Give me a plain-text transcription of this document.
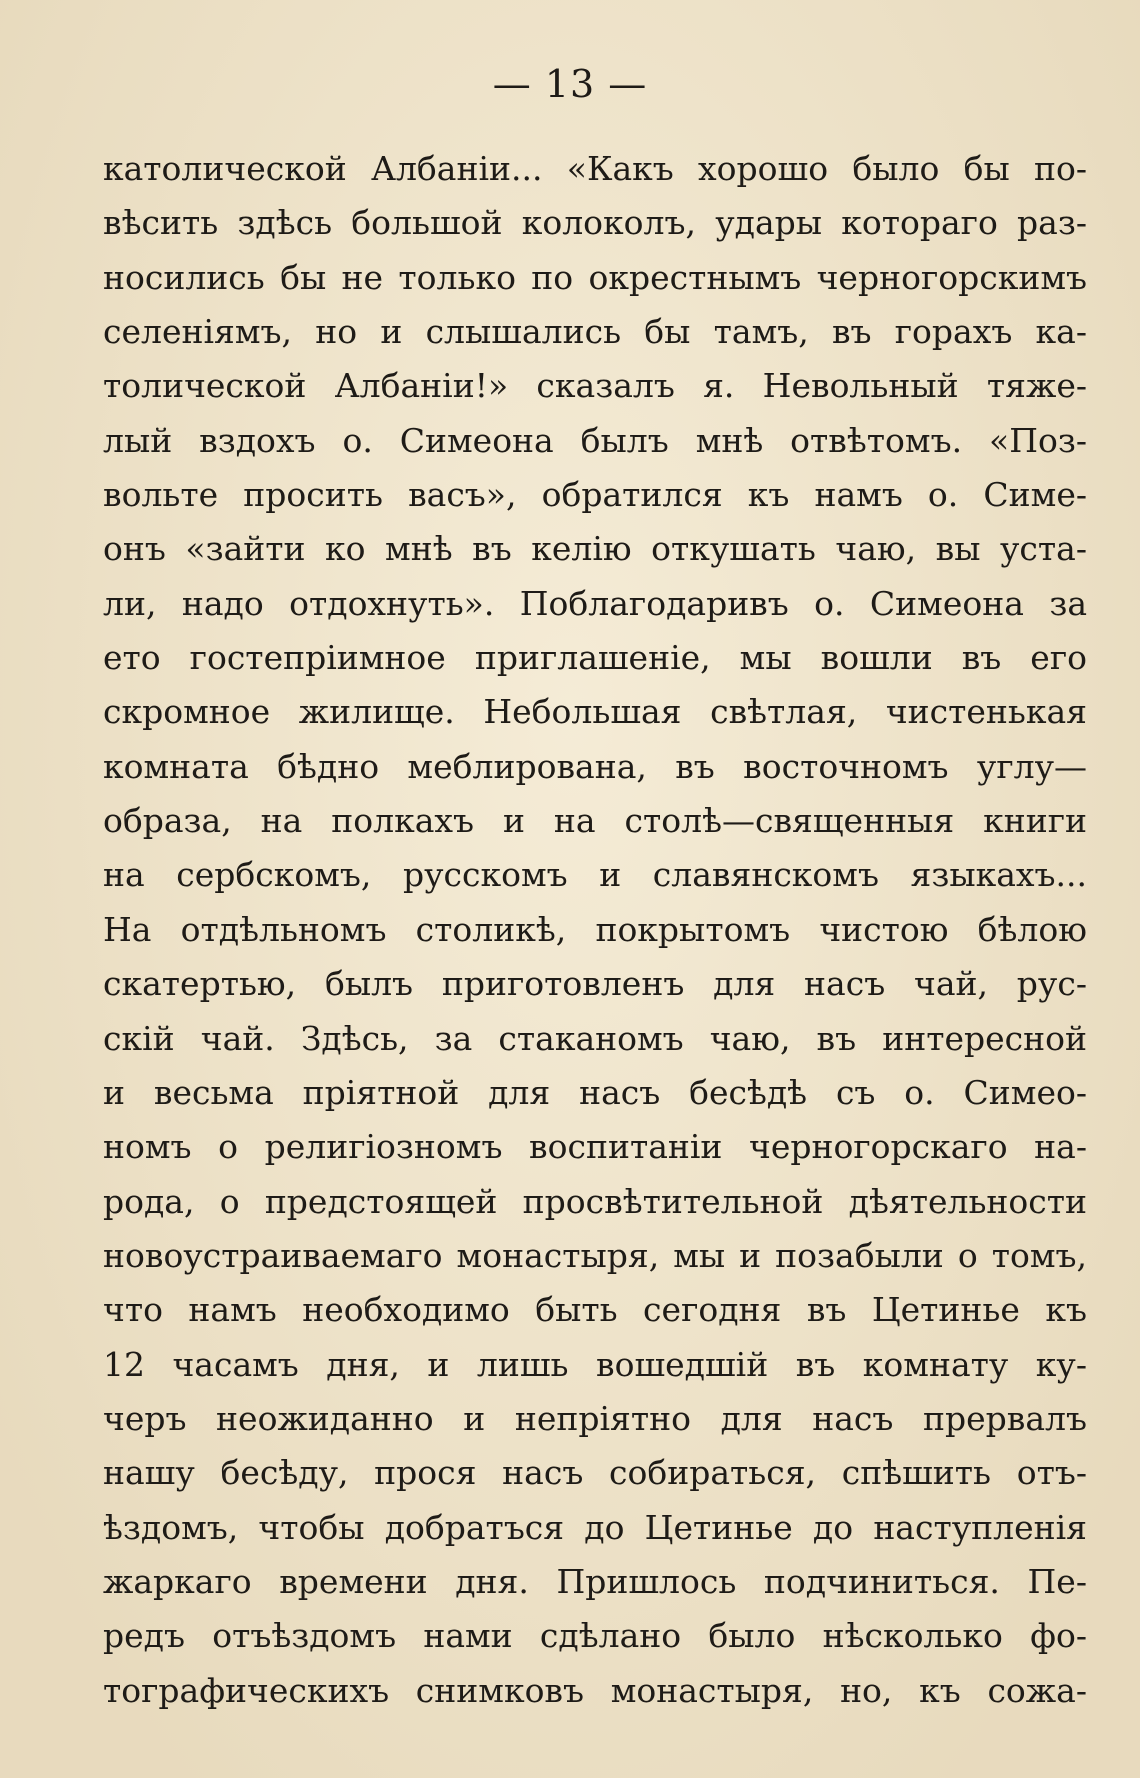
— 13 —
католической Албаніи... «Какъ хорошо было бы по-
вѣсить здѣсь большой колоколъ, удары котораго раз-
носились бы не только по окрестнымъ черногорскимъ
селеніямъ, но и слышались бы тамъ, въ горахъ ка-
толической Албаніи!» сказалъ я. Невольный тяже-
лый вздохъ о. Симеона былъ мнѣ отвѣтомъ. «Поз-
вольте просить васъ», обратился къ намъ о. Симе-
онъ «зайти ко мнѣ въ келію откушать чаю, вы уста-
ли, надо отдохнуть». Поблагодаривъ о. Симеона за
ето гостепріимное приглашеніе, мы вошли въ его
скромное жилище. Небольшая свѣтлая, чистенькая
комната бѣдно меблирована, въ восточномъ углу—
образа, на полкахъ и на столѣ—священныя книги
на сербскомъ, русскомъ и славянскомъ языкахъ...
На отдѣльномъ столикѣ, покрытомъ чистою бѣлою
скатертью, былъ приготовленъ для насъ чай, рус-
скій чай. Здѣсь, за стаканомъ чаю, въ интересной
и весьма пріятной для насъ бесѣдѣ съ о. Симео-
номъ о религіозномъ воспитаніи черногорскаго на-
рода, о предстоящей просвѣтительной дѣятельности
новоустраиваемаго монастыря, мы и позабыли о томъ,
что намъ необходимо быть сегодня въ Цетинье къ
12 часамъ дня, и лишь вошедшій въ комнату ку-
черъ неожиданно и непріятно для насъ прервалъ
нашу бесѣду, прося насъ собираться, спѣшить отъ-
ѣздомъ, чтобы добратъся до Цетинье до наступленія
жаркаго времени дня. Пришлось подчиниться. Пе-
редъ отъѣздомъ нами сдѣлано было нѣсколько фо-
тографическихъ снимковъ монастыря, но, къ сожа-
